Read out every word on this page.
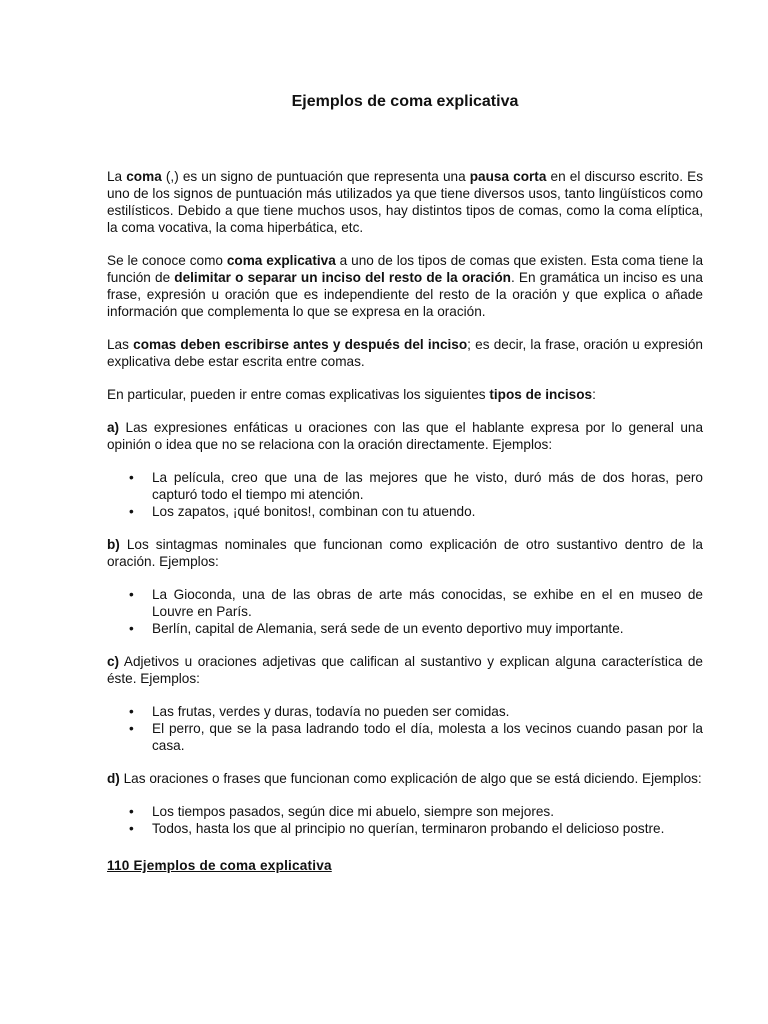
Ejemplos de coma explicativa

La coma (,) es un signo de puntuación que representa una pausa corta en el discurso escrito. Es uno de los signos de puntuación más utilizados ya que tiene diversos usos, tanto lingüísticos como estilísticos. Debido a que tiene muchos usos, hay distintos tipos de comas, como la coma elíptica, la coma vocativa, la coma hiperbática, etc.

Se le conoce como coma explicativa a uno de los tipos de comas que existen. Esta coma tiene la función de delimitar o separar un inciso del resto de la oración. En gramática un inciso es una frase, expresión u oración que es independiente del resto de la oración y que explica o añade información que complementa lo que se expresa en la oración.

Las comas deben escribirse antes y después del inciso; es decir, la frase, oración u expresión explicativa debe estar escrita entre comas.

En particular, pueden ir entre comas explicativas los siguientes tipos de incisos:

a) Las expresiones enfáticas u oraciones con las que el hablante expresa por lo general una opinión o idea que no se relaciona con la oración directamente. Ejemplos:

• La película, creo que una de las mejores que he visto, duró más de dos horas, pero capturó todo el tiempo mi atención.
• Los zapatos, ¡qué bonitos!, combinan con tu atuendo.

b) Los sintagmas nominales que funcionan como explicación de otro sustantivo dentro de la oración. Ejemplos:

• La Gioconda, una de las obras de arte más conocidas, se exhibe en el en museo de Louvre en París.
• Berlín, capital de Alemania, será sede de un evento deportivo muy importante.

c) Adjetivos u oraciones adjetivas que califican al sustantivo y explican alguna característica de éste. Ejemplos:

• Las frutas, verdes y duras, todavía no pueden ser comidas.
• El perro, que se la pasa ladrando todo el día, molesta a los vecinos cuando pasan por la casa.

d) Las oraciones o frases que funcionan como explicación de algo que se está diciendo. Ejemplos:

• Los tiempos pasados, según dice mi abuelo, siempre son mejores.
• Todos, hasta los que al principio no querían, terminaron probando el delicioso postre.
110 Ejemplos de coma explicativa
